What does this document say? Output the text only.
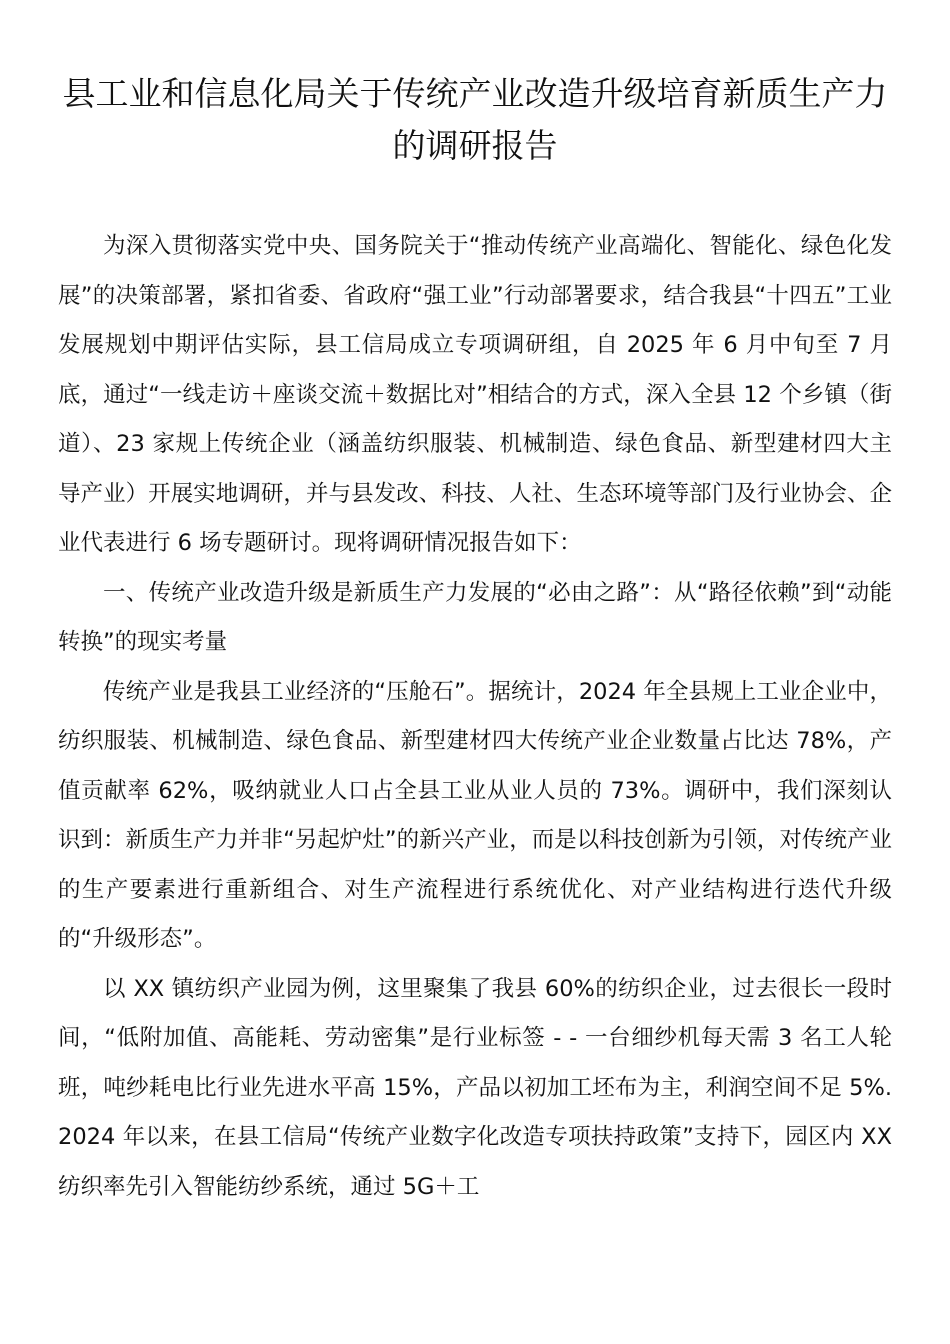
县工业和信息化局关于传统产业改造升级培育新质生产力的调研报告

为深入贯彻落实党中央、国务院关于“推动传统产业高端化、智能化、绿色化发展”的决策部署，紧扣省委、省政府“强工业”行动部署要求，结合我县“十四五”工业发展规划中期评估实际，县工信局成立专项调研组，自 2025 年 6 月中旬至 7 月底，通过“一线走访＋座谈交流＋数据比对”相结合的方式，深入全县 12 个乡镇（街道）、23 家规上传统企业（涵盖纺织服装、机械制造、绿色食品、新型建材四大主导产业）开展实地调研，并与县发改、科技、人社、生态环境等部门及行业协会、企业代表进行 6 场专题研讨。现将调研情况报告如下：

一、传统产业改造升级是新质生产力发展的“必由之路”：从“路径依赖”到“动能转换”的现实考量

传统产业是我县工业经济的“压舱石”。据统计，2024 年全县规上工业企业中，纺织服装、机械制造、绿色食品、新型建材四大传统产业企业数量占比达 78%，产值贡献率 62%，吸纳就业人口占全县工业从业人员的 73%。调研中，我们深刻认识到：新质生产力并非“另起炉灶”的新兴产业，而是以科技创新为引领，对传统产业的生产要素进行重新组合、对生产流程进行系统优化、对产业结构进行迭代升级的“升级形态”。

以 XX 镇纺织产业园为例，这里聚集了我县 60%的纺织企业，过去很长一段时间，“低附加值、高能耗、劳动密集”是行业标签 - - 一台细纱机每天需 3 名工人轮班，吨纱耗电比行业先进水平高 15%，产品以初加工坯布为主，利润空间不足 5%.2024 年以来，在县工信局“传统产业数字化改造专项扶持政策”支持下，园区内 XX 纺织率先引入智能纺纱系统，通过 5G＋工
